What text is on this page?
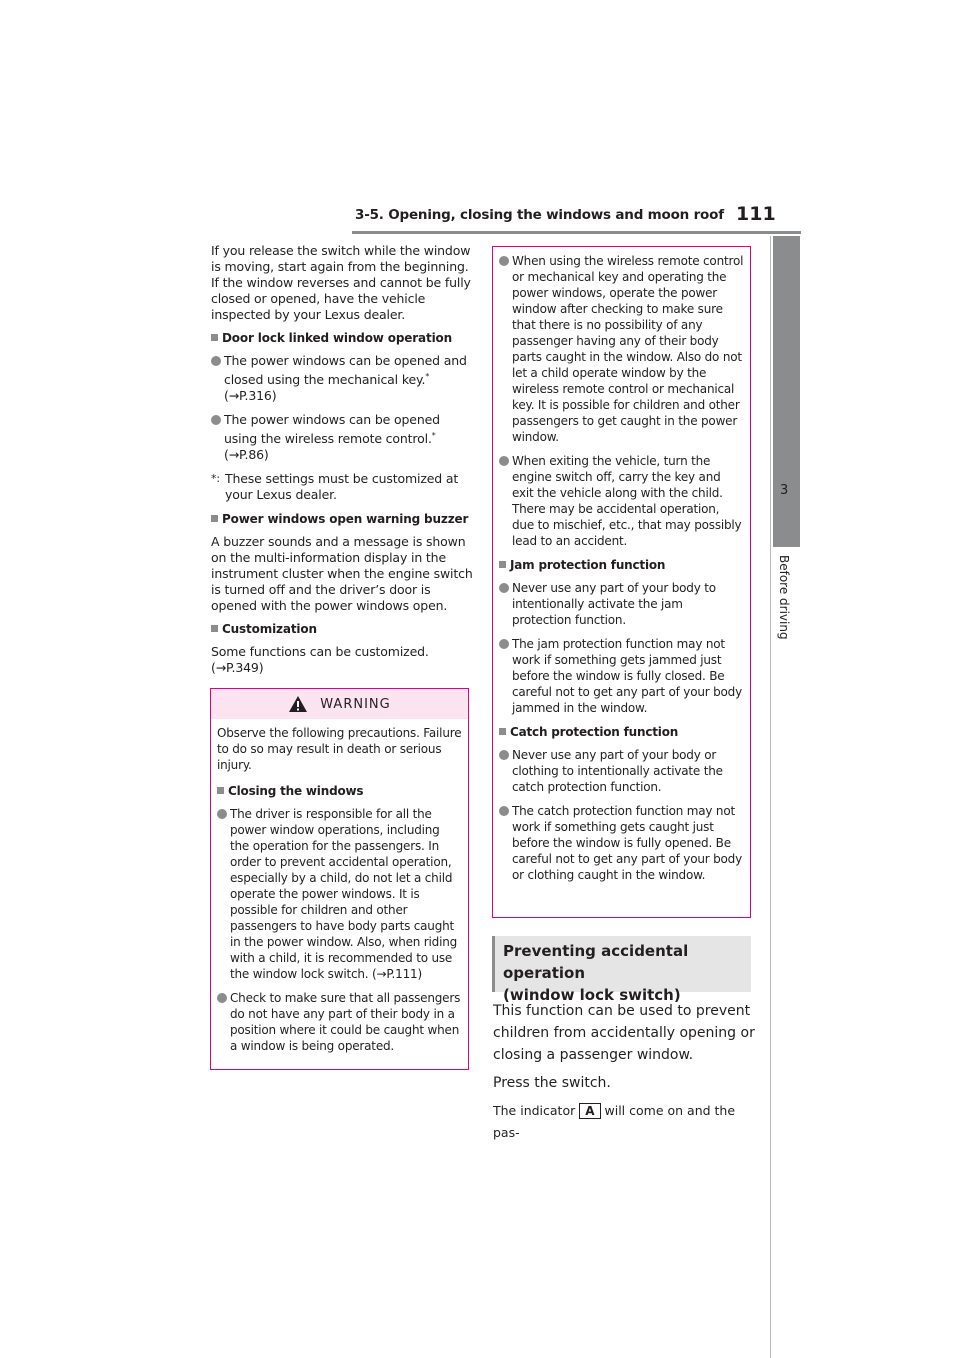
3-5. Opening, closing the windows and moon roof 111
3
Before driving

If you release the switch while the window is moving, start again from the beginning.

If the window reverses and cannot be fully closed or opened, have the vehicle inspected by your Lexus dealer.

Door lock linked window operation
The power windows can be opened and closed using the mechanical key.*
(→P.316)
The power windows can be opened using the wireless remote control.* (→P.86)
*: These settings must be customized at your Lexus dealer.
Power windows open warning buzzer

A buzzer sounds and a message is shown on the multi-information display in the instrument cluster when the engine switch is turned off and the driver’s door is opened with the power windows open.

Customization

Some functions can be customized.
(→P.349)

WARNING

Observe the following precautions. Failure to do so may result in death or serious injury.

Closing the windows
The driver is responsible for all the power window operations, including the operation for the passengers. In order to prevent accidental operation, especially by a child, do not let a child operate the power windows. It is possible for children and other passengers to have body parts caught in the power window. Also, when riding with a child, it is recommended to use the window lock switch. (→P.111)
Check to make sure that all passengers do not have any part of their body in a position where it could be caught when a window is being operated.
When using the wireless remote control or mechanical key and operating the power windows, operate the power window after checking to make sure that there is no possibility of any passenger having any of their body parts caught in the window. Also do not let a child operate window by the wireless remote control or mechanical key. It is possible for children and other passengers to get caught in the power window.
When exiting the vehicle, turn the engine switch off, carry the key and exit the vehicle along with the child. There may be accidental operation, due to mischief, etc., that may possibly lead to an accident.
Jam protection function
Never use any part of your body to intentionally activate the jam protection function.
The jam protection function may not work if something gets jammed just before the window is fully closed. Be careful not to get any part of your body jammed in the window.
Catch protection function
Never use any part of your body or clothing to intentionally activate the catch protection function.
The catch protection function may not work if something gets caught just before the window is fully opened. Be careful not to get any part of your body or clothing caught in the window.
Preventing accidental operation
(window lock switch)

This function can be used to prevent children from accidentally opening or closing a passenger window.

Press the switch.

The indicator A will come on and the pas-
